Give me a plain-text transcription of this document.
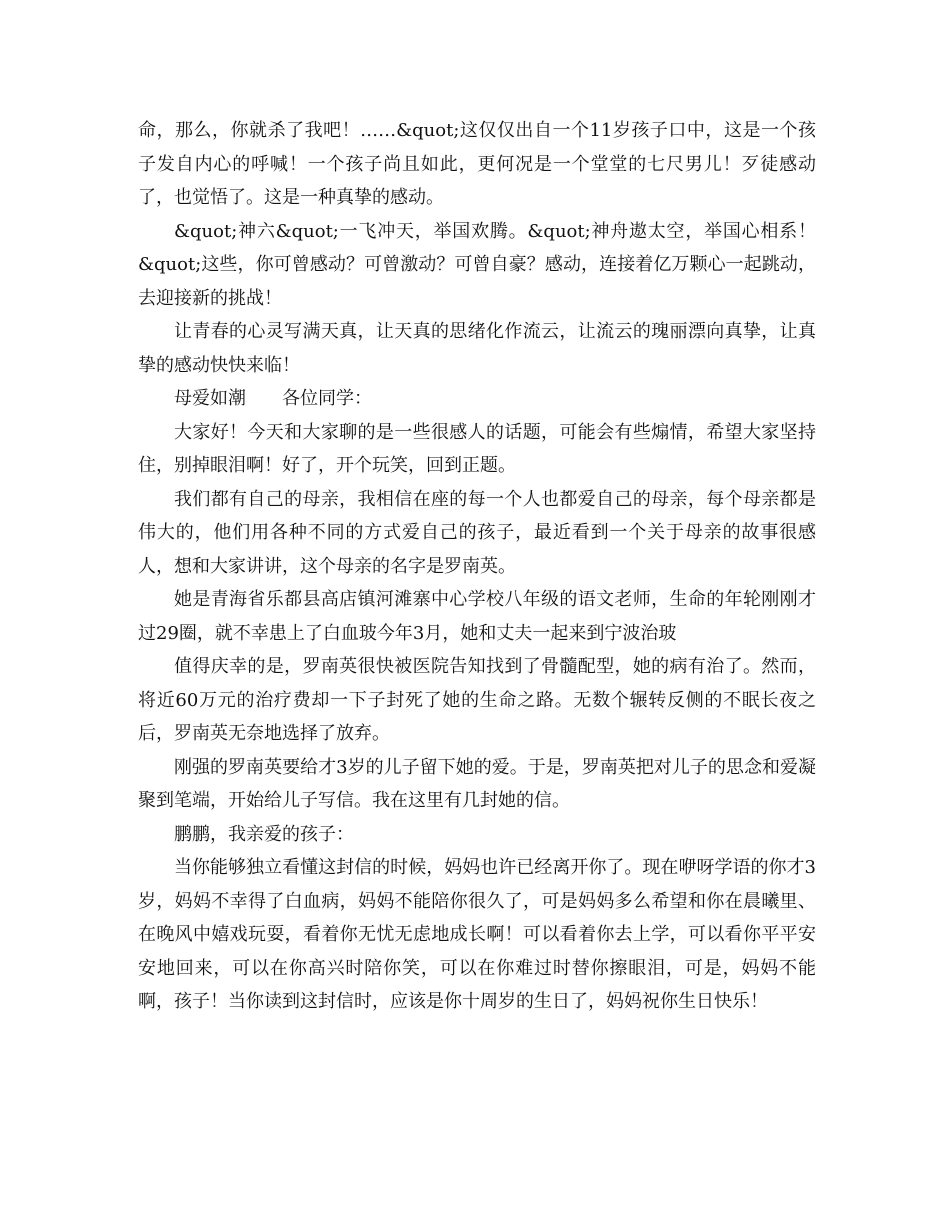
命，那么，你就杀了我吧！……&quot;这仅仅出自一个11岁孩子口中，这是一个孩子发自内心的呼喊！一个孩子尚且如此，更何况是一个堂堂的七尺男儿！歹徒感动了，也觉悟了。这是一种真挚的感动。

&quot;神六&quot;一飞冲天，举国欢腾。&quot;神舟遨太空，举国心相系！&quot;这些，你可曾感动？可曾激动？可曾自豪？感动，连接着亿万颗心一起跳动，去迎接新的挑战！

让青春的心灵写满天真，让天真的思绪化作流云，让流云的瑰丽漂向真挚，让真挚的感动快快来临！

母爱如潮 各位同学：

大家好！今天和大家聊的是一些很感人的话题，可能会有些煽情，希望大家坚持住，别掉眼泪啊！好了，开个玩笑，回到正题。

我们都有自己的母亲，我相信在座的每一个人也都爱自己的母亲，每个母亲都是伟大的，他们用各种不同的方式爱自己的孩子，最近看到一个关于母亲的故事很感人，想和大家讲讲，这个母亲的名字是罗南英。

她是青海省乐都县高店镇河滩寨中心学校八年级的语文老师，生命的年轮刚刚才过29圈，就不幸患上了白血玻今年3月，她和丈夫一起来到宁波治玻

值得庆幸的是，罗南英很快被医院告知找到了骨髓配型，她的病有治了。然而，将近60万元的治疗费却一下子封死了她的生命之路。无数个辗转反侧的不眠长夜之后，罗南英无奈地选择了放弃。

刚强的罗南英要给才3岁的儿子留下她的爱。于是，罗南英把对儿子的思念和爱凝聚到笔端，开始给儿子写信。我在这里有几封她的信。

鹏鹏，我亲爱的孩子：

当你能够独立看懂这封信的时候，妈妈也许已经离开你了。现在咿呀学语的你才3岁，妈妈不幸得了白血病，妈妈不能陪你很久了，可是妈妈多么希望和你在晨曦里、在晚风中嬉戏玩耍，看着你无忧无虑地成长啊！可以看着你去上学，可以看你平平安安地回来，可以在你高兴时陪你笑，可以在你难过时替你擦眼泪，可是，妈妈不能啊，孩子！当你读到这封信时，应该是你十周岁的生日了，妈妈祝你生日快乐！
